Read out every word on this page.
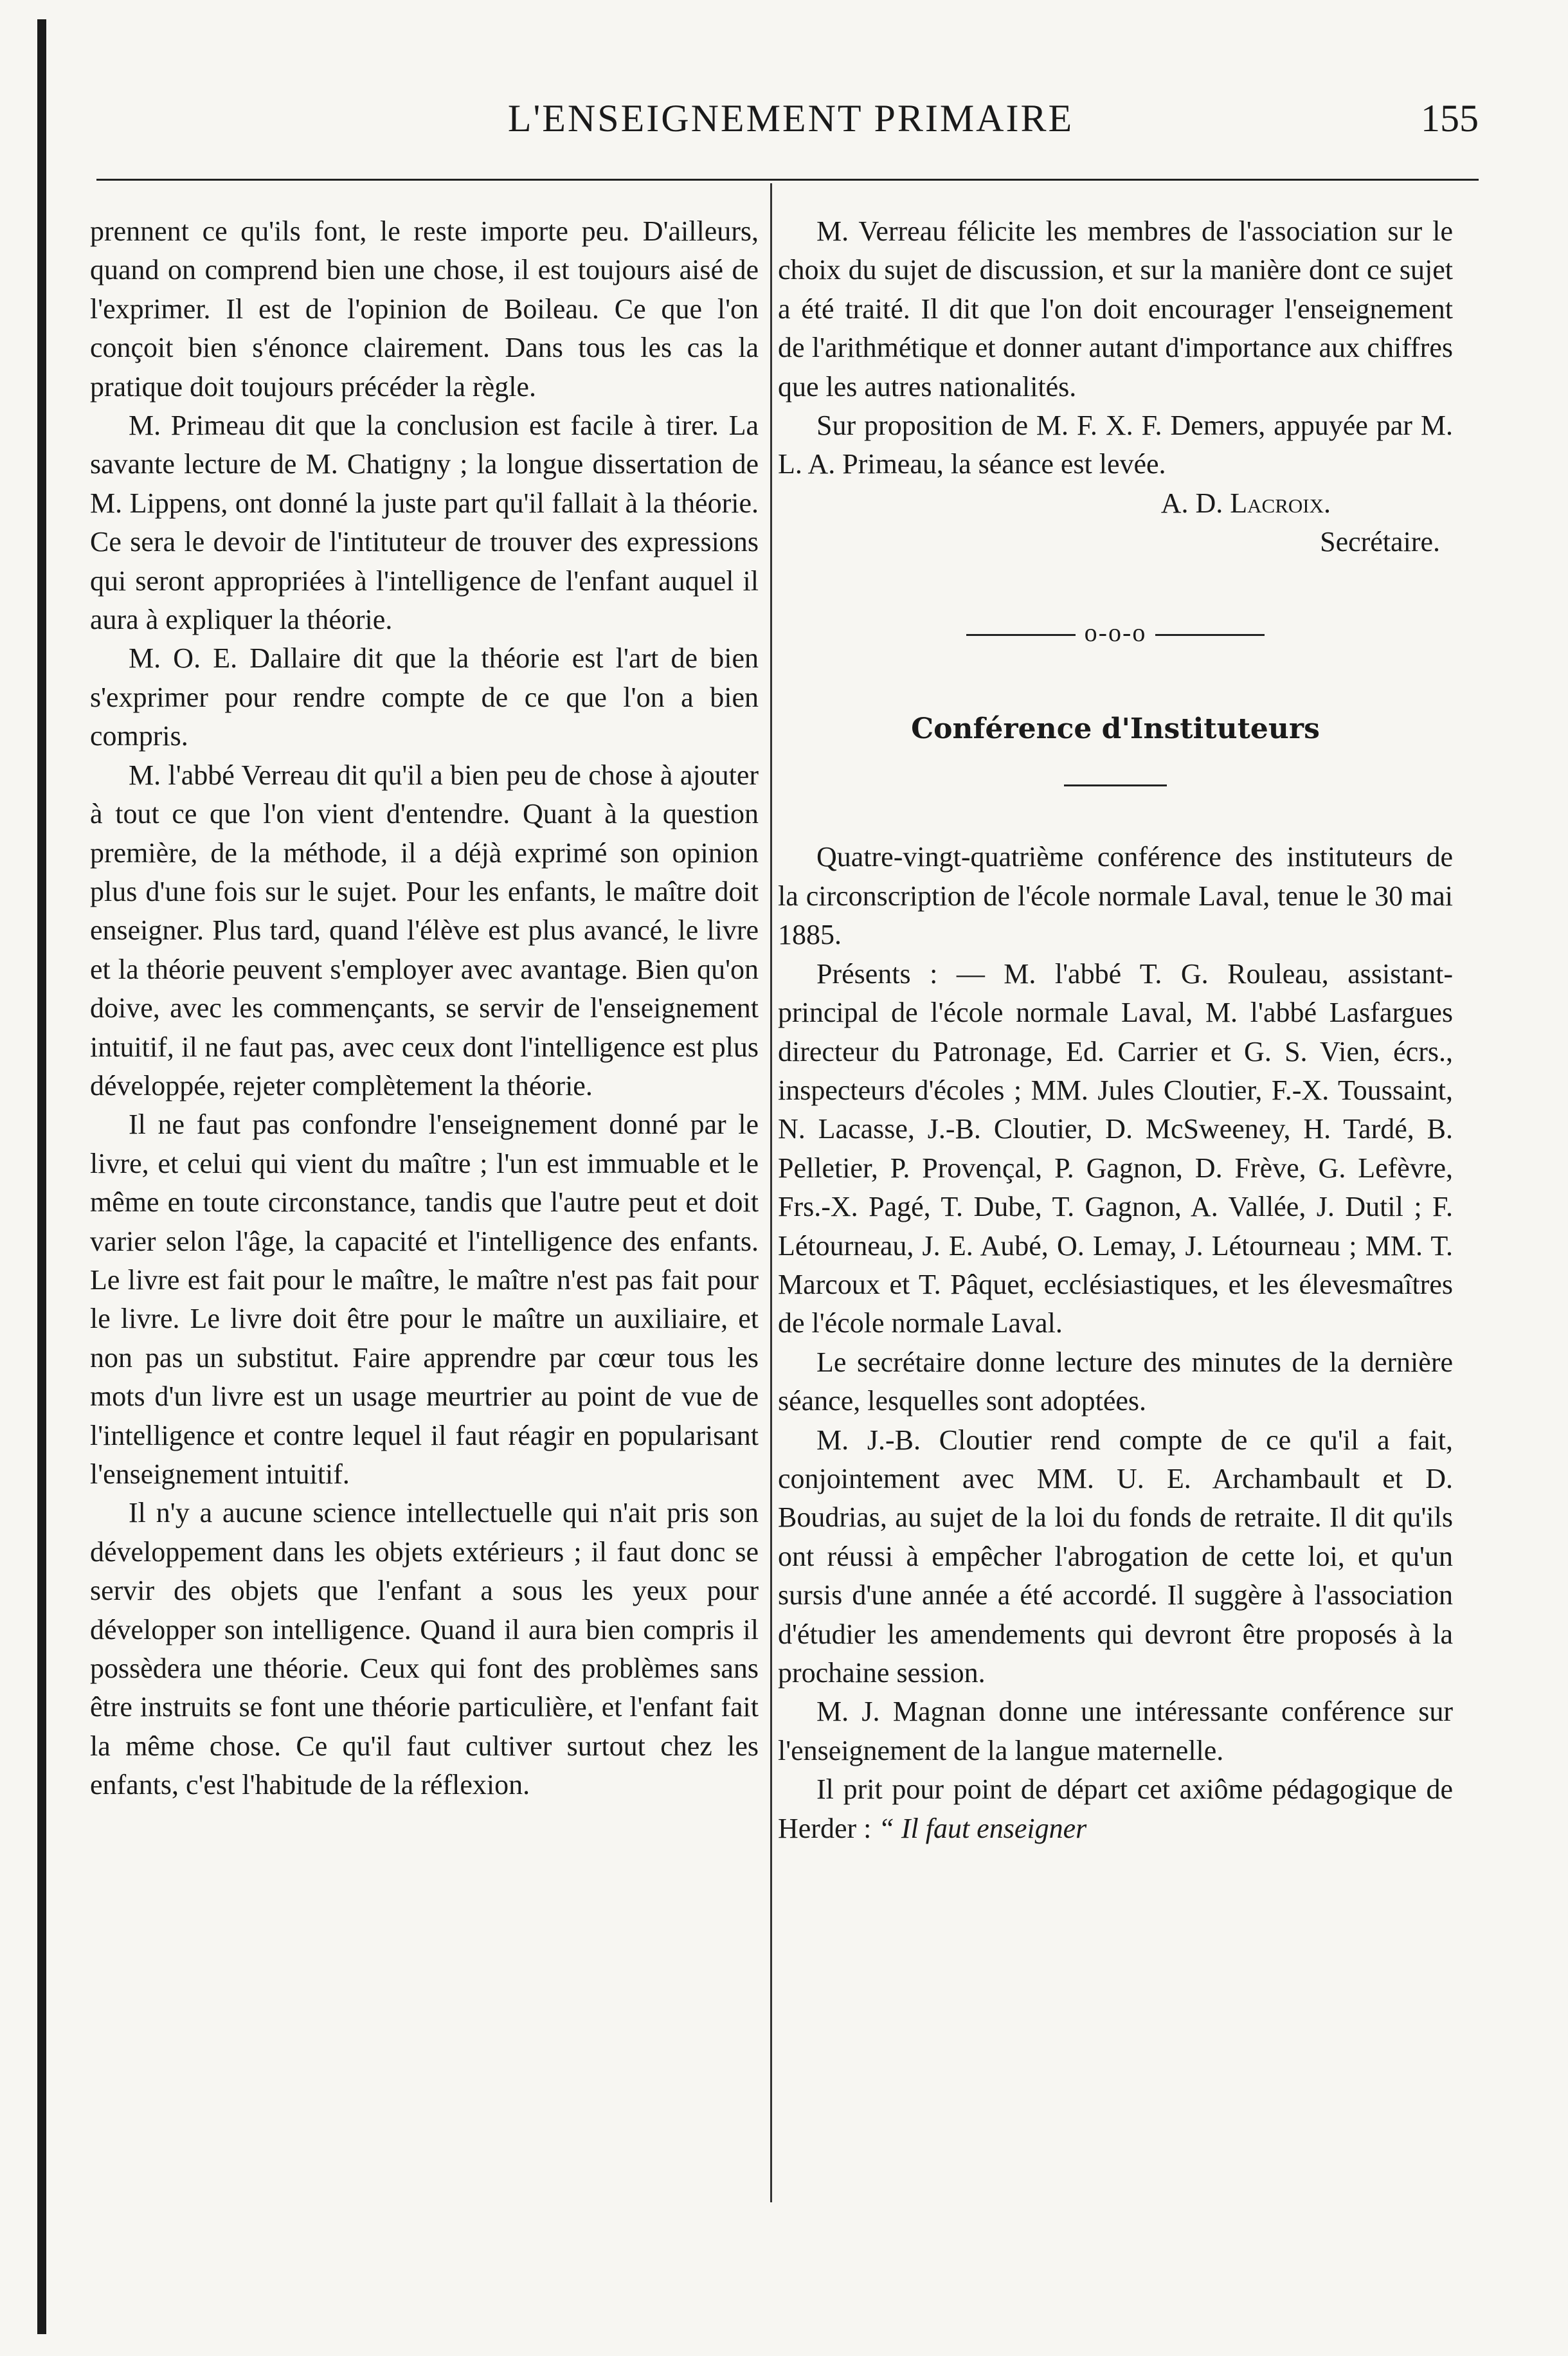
L'ENSEIGNEMENT PRIMAIRE	155

prennent ce qu'ils font, le reste importe peu. D'ailleurs, quand on comprend bien une chose, il est toujours aisé de l'exprimer. Il est de l'opinion de Boileau. Ce que l'on conçoit bien s'énonce clairement. Dans tous les cas la pratique doit toujours précéder la règle.

M. Primeau dit que la conclusion est facile à tirer. La savante lecture de M. Chatigny ; la longue dissertation de M. Lippens, ont donné la juste part qu'il fallait à la théorie. Ce sera le devoir de l'intituteur de trouver des expressions qui seront appropriées à l'intelligence de l'enfant auquel il aura à expliquer la théorie.

M. O. E. Dallaire dit que la théorie est l'art de bien s'exprimer pour rendre compte de ce que l'on a bien compris.

M. l'abbé Verreau dit qu'il a bien peu de chose à ajouter à tout ce que l'on vient d'entendre. Quant à la question première, de la méthode, il a déjà exprimé son opinion plus d'une fois sur le sujet. Pour les enfants, le maître doit enseigner. Plus tard, quand l'élève est plus avancé, le livre et la théorie peuvent s'employer avec avantage. Bien qu'on doive, avec les commençants, se servir de l'enseignement intuitif, il ne faut pas, avec ceux dont l'intelligence est plus développée, rejeter complètement la théorie.

Il ne faut pas confondre l'enseignement donné par le livre, et celui qui vient du maître ; l'un est immuable et le même en toute circonstance, tandis que l'autre peut et doit varier selon l'âge, la capacité et l'intelligence des enfants. Le livre est fait pour le maître, le maître n'est pas fait pour le livre. Le livre doit être pour le maître un auxiliaire, et non pas un substitut. Faire apprendre par cœur tous les mots d'un livre est un usage meurtrier au point de vue de l'intelligence et contre lequel il faut réagir en popularisant l'enseignement intuitif.

Il n'y a aucune science intellectuelle qui n'ait pris son développement dans les objets extérieurs ; il faut donc se servir des objets que l'enfant a sous les yeux pour développer son intelligence. Quand il aura bien compris il possèdera une théorie. Ceux qui font des problèmes sans être instruits se font une théorie particulière, et l'enfant fait la même chose. Ce qu'il faut cultiver surtout chez les enfants, c'est l'habitude de la réflexion.

M. Verreau félicite les membres de l'association sur le choix du sujet de discussion, et sur la manière dont ce sujet a été traité. Il dit que l'on doit encourager l'enseignement de l'arithmétique et donner autant d'importance aux chiffres que les autres nationalités.

Sur proposition de M. F. X. F. Demers, appuyée par M. L. A. Primeau, la séance est levée.

A. D. Lacroix.

Secrétaire.

o-o-o
Conférence d'Instituteurs

Quatre-vingt-quatrième conférence des instituteurs de la circonscription de l'école normale Laval, tenue le 30 mai 1885.

Présents : — M. l'abbé T. G. Rouleau, assistant-principal de l'école normale Laval, M. l'abbé Lasfargues directeur du Patronage, Ed. Carrier et G. S. Vien, écrs., inspecteurs d'écoles ; MM. Jules Cloutier, F.-X. Toussaint, N. Lacasse, J.-B. Cloutier, D. McSweeney, H. Tardé, B. Pelletier, P. Provençal, P. Gagnon, D. Frève, G. Lefèvre, Frs.-X. Pagé, T. Dube, T. Gagnon, A. Vallée, J. Dutil ; F. Létourneau, J. E. Aubé, O. Lemay, J. Létourneau ; MM. T. Marcoux et T. Pâquet, ecclésiastiques, et les élevesmaîtres de l'école normale Laval.

Le secrétaire donne lecture des minutes de la dernière séance, lesquelles sont adoptées.

M. J.-B. Cloutier rend compte de ce qu'il a fait, conjointement avec MM. U. E. Archambault et D. Boudrias, au sujet de la loi du fonds de retraite. Il dit qu'ils ont réussi à empêcher l'abrogation de cette loi, et qu'un sursis d'une année a été accordé. Il suggère à l'association d'étudier les amendements qui devront être proposés à la prochaine session.

M. J. Magnan donne une intéressante conférence sur l'enseignement de la langue maternelle.

Il prit pour point de départ cet axiôme pédagogique de Herder : “ Il faut enseigner
